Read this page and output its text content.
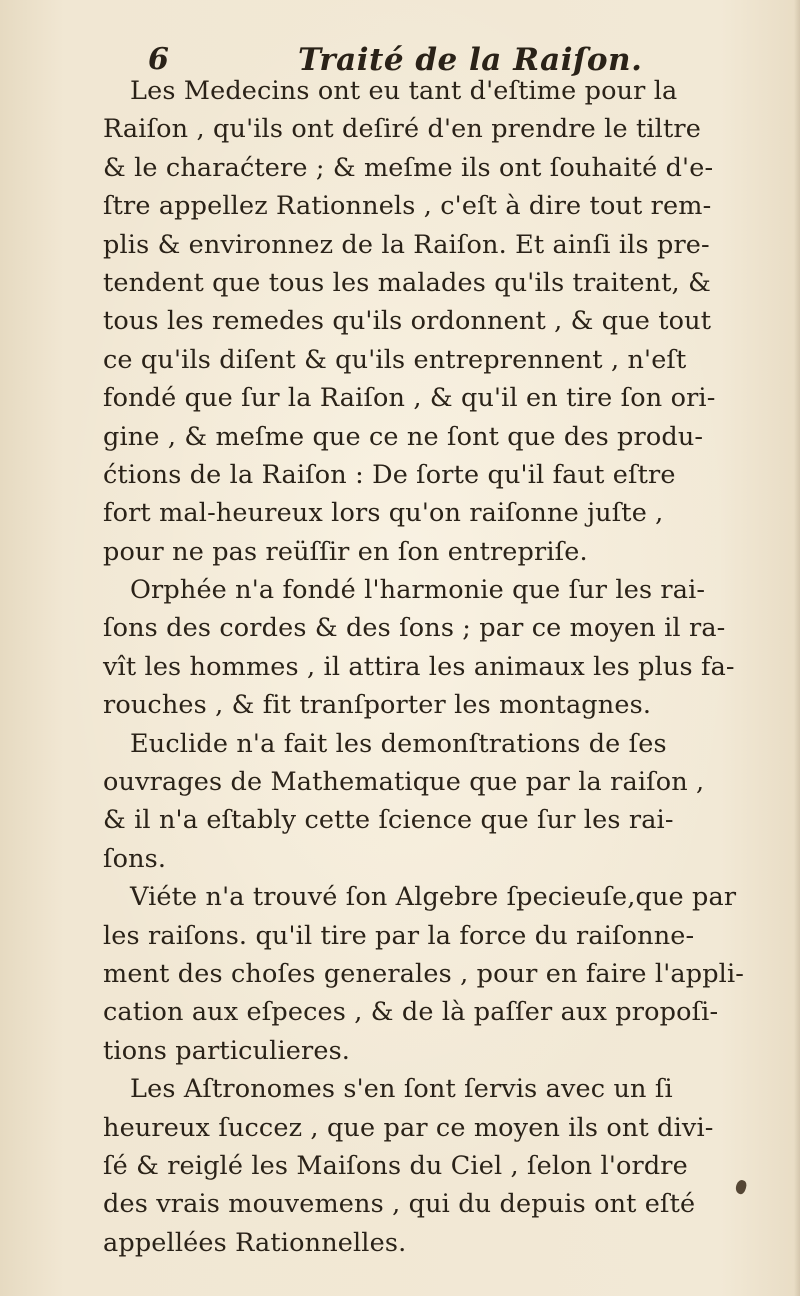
6	Traité de la Raiſon.
Les Medecins ont eu tant d'eſtime pour la
Raiſon , qu'ils ont deſiré d'en prendre le tiltre
& le charaćtere ; & meſme ils ont ſouhaité d'e-
ſtre appellez Rationnels , c'eſt à dire tout rem-
plis & environnez de la Raiſon. Et ainſi ils pre-
tendent que tous les malades qu'ils traitent, &
tous les remedes qu'ils ordonnent , & que tout
ce qu'ils diſent & qu'ils entreprennent , n'eſt
fondé que ſur la Raiſon , & qu'il en tire ſon ori-
gine , & meſme que ce ne ſont que des produ-
ćtions de la Raiſon : De ſorte qu'il faut eſtre
fort mal-heureux lors qu'on raiſonne juſte ,
pour ne pas reüſſir en ſon entrepriſe.
Orphée n'a fondé l'harmonie que ſur les rai-
ſons des cordes & des ſons ; par ce moyen il ra-
vît les hommes , il attira les animaux les plus fa-
rouches , & fit tranſporter les montagnes.
Euclide n'a fait les demonſtrations de ſes
ouvrages de Mathematique que par la raiſon ,
& il n'a eſtably cette ſcience que ſur les rai-
ſons.
Viéte n'a trouvé ſon Algebre ſpecieuſe,que par
les raiſons. qu'il tire par la force du raiſonne-
ment des choſes generales , pour en faire l'appli-
cation aux eſpeces , & de là paſſer aux propoſi-
tions particulieres.
Les Aſtronomes s'en ſont ſervis avec un ſi
heureux ſuccez , que par ce moyen ils ont divi-
ſé & reiglé les Maiſons du Ciel , ſelon l'ordre
des vrais mouvemens , qui du depuis ont eſté
appellées Rationnelles.
